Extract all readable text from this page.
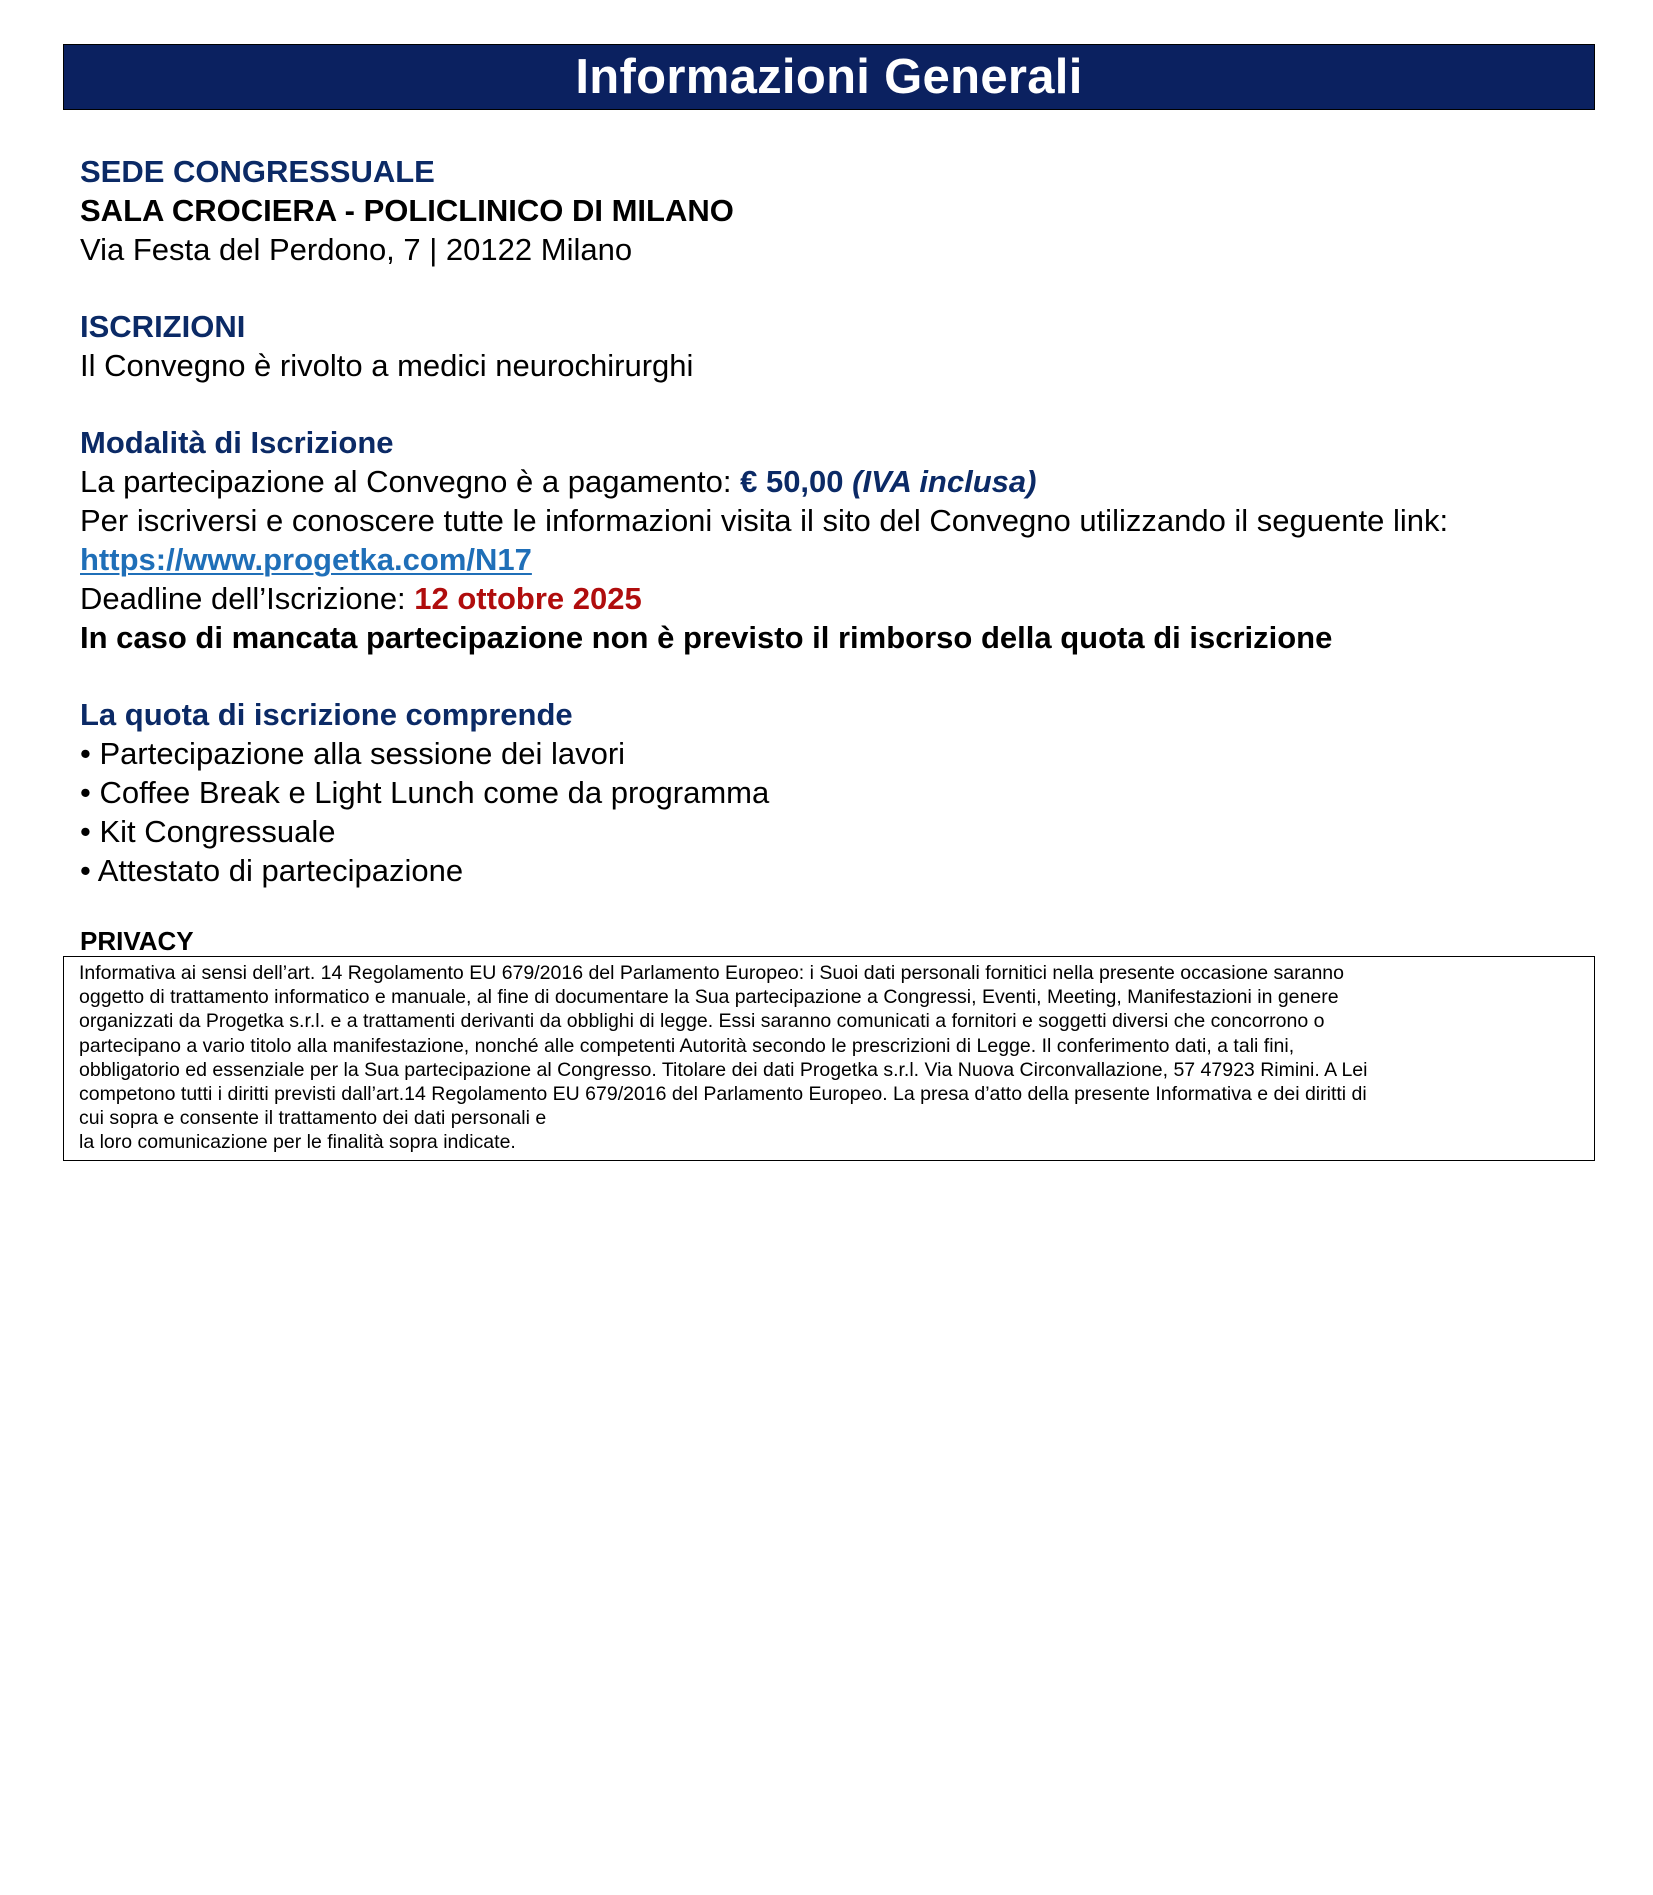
Informazioni Generali
SEDE CONGRESSUALE
SALA CROCIERA - POLICLINICO DI MILANO
Via Festa del Perdono, 7 | 20122 Milano
ISCRIZIONI
Il Convegno è rivolto a medici neurochirurghi
Modalità di Iscrizione
La partecipazione al Convegno è a pagamento: € 50,00 (IVA inclusa)
Per iscriversi e conoscere tutte le informazioni visita il sito del Convegno utilizzando il seguente link:
https://www.progetka.com/N17
Deadline dell’Iscrizione: 12 ottobre 2025
In caso di mancata partecipazione non è previsto il rimborso della quota di iscrizione
La quota di iscrizione comprende
• Partecipazione alla sessione dei lavori
• Coffee Break e Light Lunch come da programma
• Kit Congressuale
• Attestato di partecipazione
PRIVACY
Informativa ai sensi dell’art. 14 Regolamento EU 679/2016 del Parlamento Europeo: i Suoi dati personali fornitici nella presente occasione saranno
oggetto di trattamento informatico e manuale, al fine di documentare la Sua partecipazione a Congressi, Eventi, Meeting, Manifestazioni in genere
organizzati da Progetka s.r.l. e a trattamenti derivanti da obblighi di legge. Essi saranno comunicati a fornitori e soggetti diversi che concorrono o
partecipano a vario titolo alla manifestazione, nonché alle competenti Autorità secondo le prescrizioni di Legge. Il conferimento dati, a tali fini,
obbligatorio ed essenziale per la Sua partecipazione al Congresso. Titolare dei dati Progetka s.r.l. Via Nuova Circonvallazione, 57 47923 Rimini. A Lei
competono tutti i diritti previsti dall’art.14 Regolamento EU 679/2016 del Parlamento Europeo. La presa d’atto della presente Informativa e dei diritti di
cui sopra e consente il trattamento dei dati personali e
la loro comunicazione per le finalità sopra indicate.
